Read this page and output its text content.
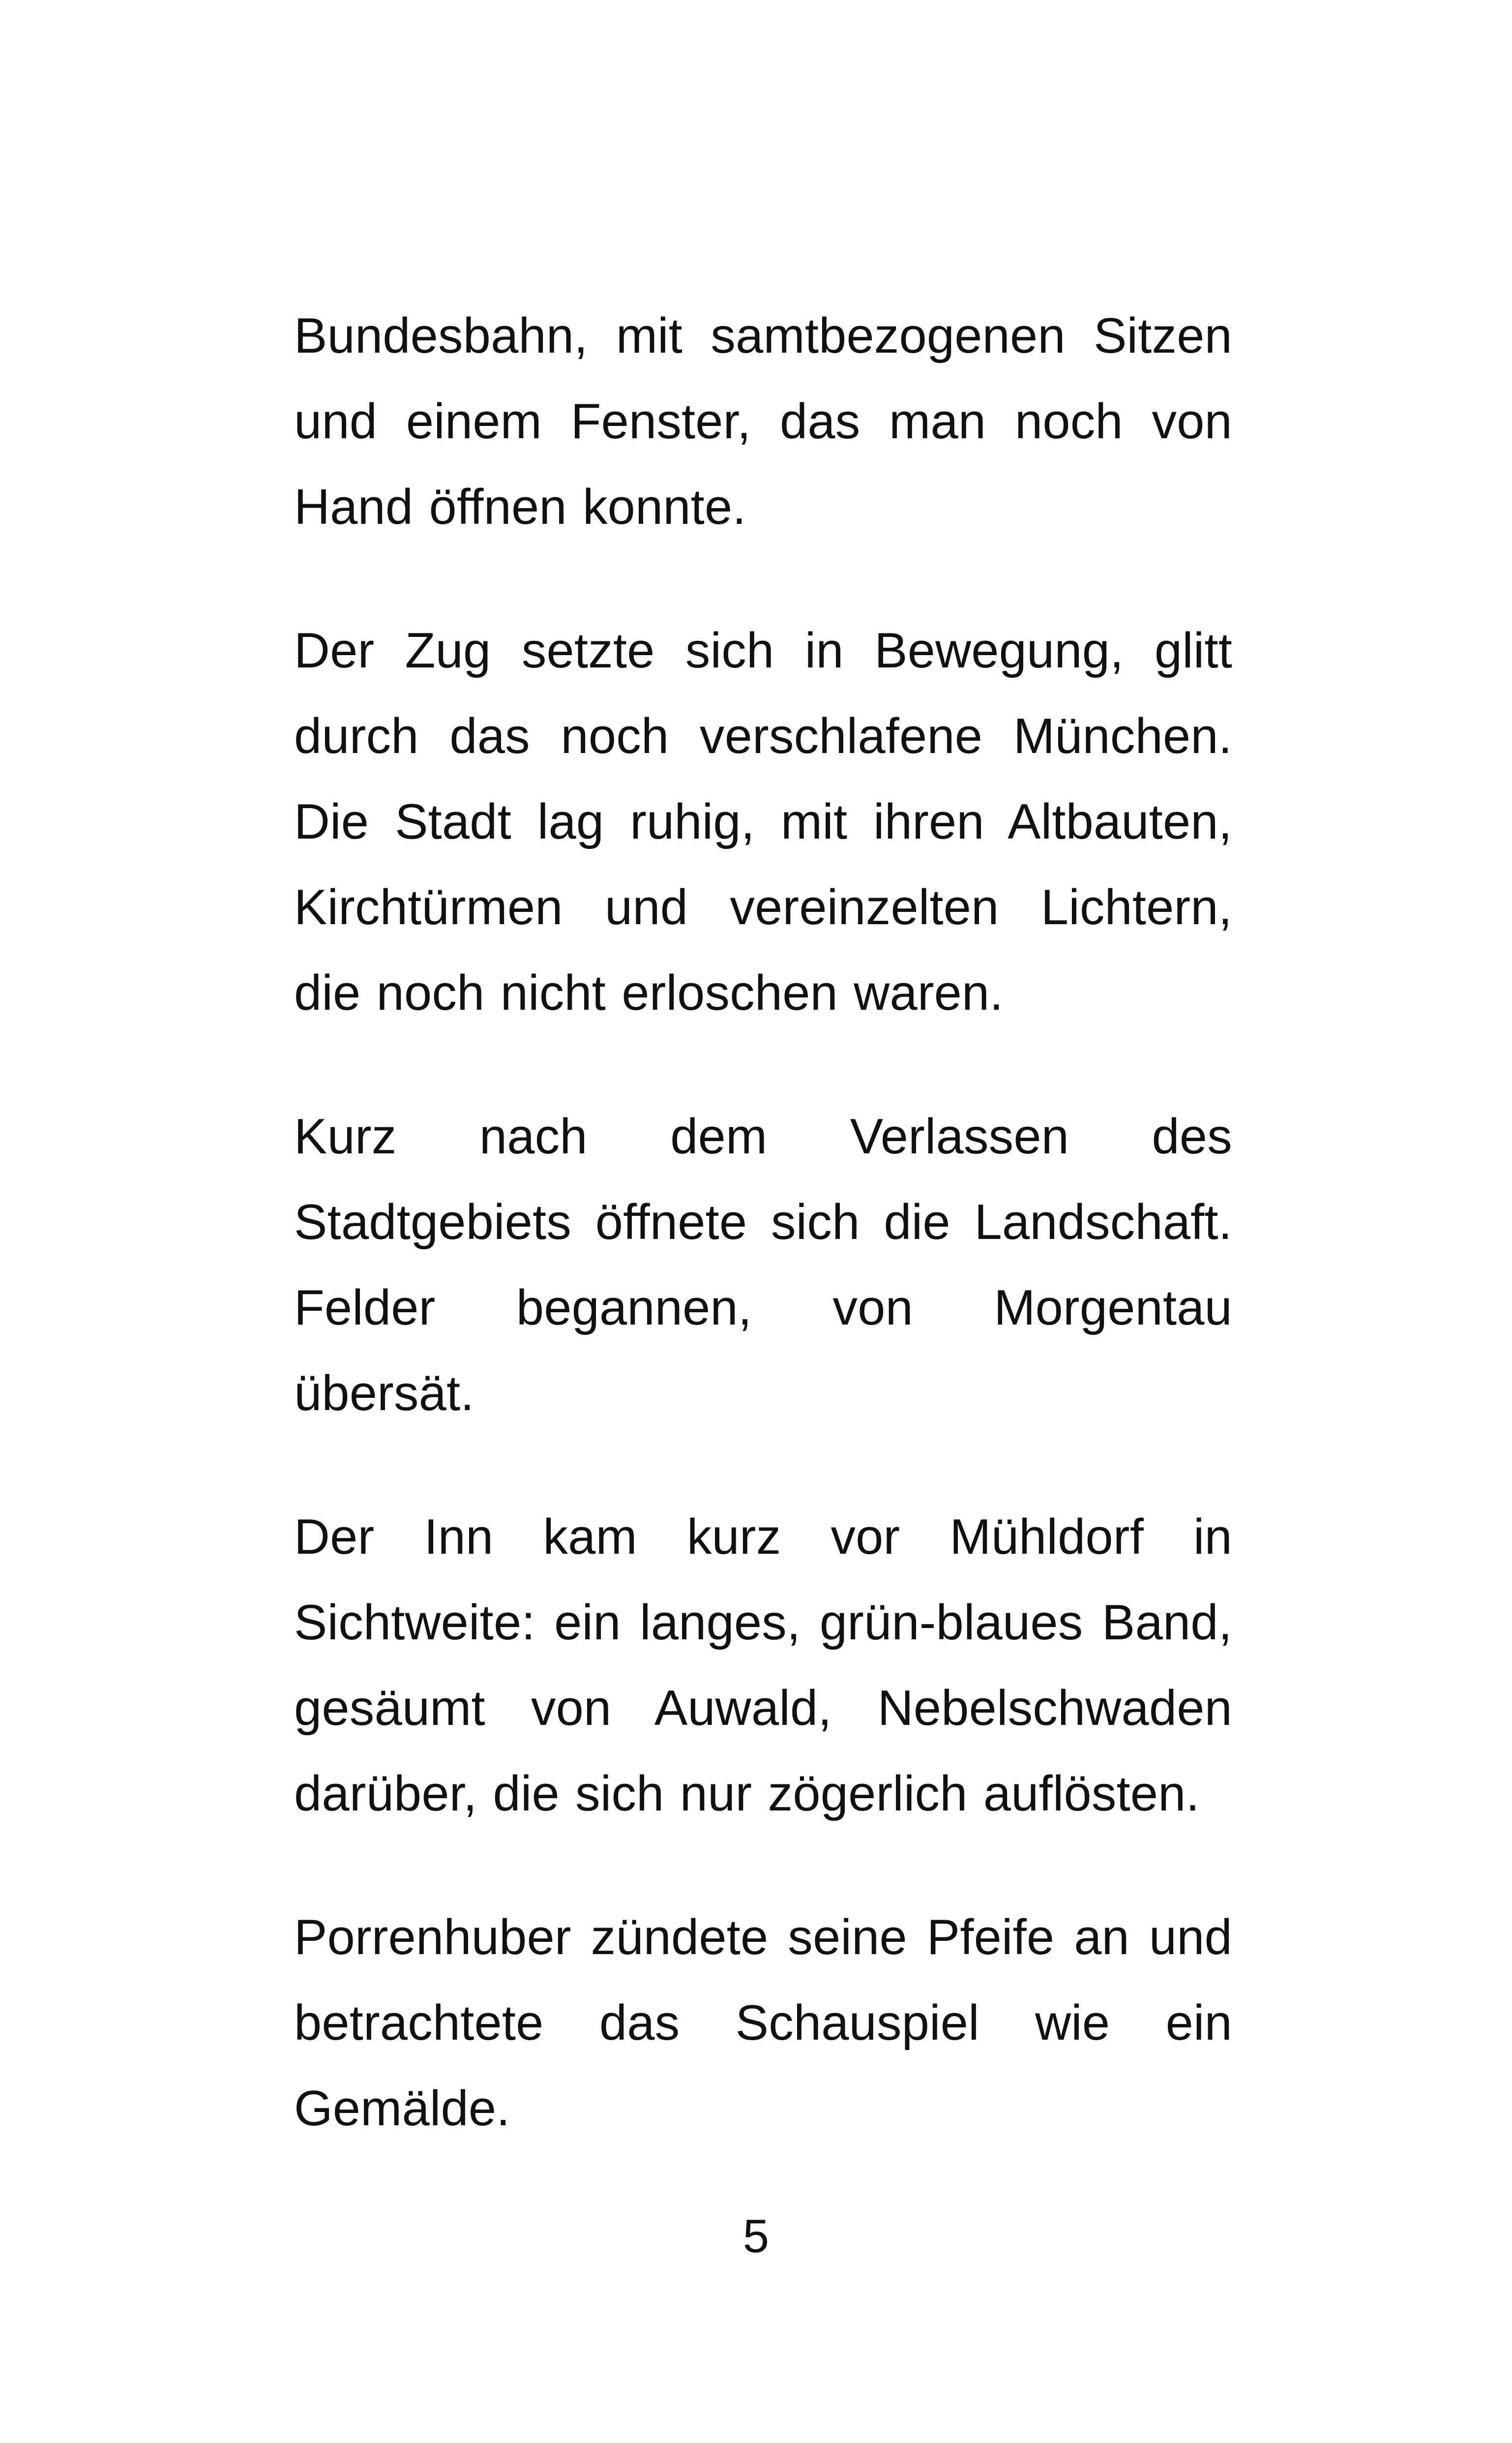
Bundesbahn, mit samtbezogenen Sitzen und einem Fenster, das man noch von Hand öffnen konnte.

Der Zug setzte sich in Bewegung, glitt durch das noch verschlafene München. Die Stadt lag ruhig, mit ihren Altbauten, Kirchtürmen und vereinzelten Lichtern, die noch nicht erloschen waren.

Kurz nach dem Verlassen des Stadtgebiets öffnete sich die Landschaft. Felder begannen, von Morgentau übersät.

Der Inn kam kurz vor Mühldorf in Sichtweite: ein langes, grün-blaues Band, gesäumt von Auwald, Nebelschwaden darüber, die sich nur zögerlich auflösten.

Porrenhuber zündete seine Pfeife an und betrachtete das Schauspiel wie ein Gemälde.

5
